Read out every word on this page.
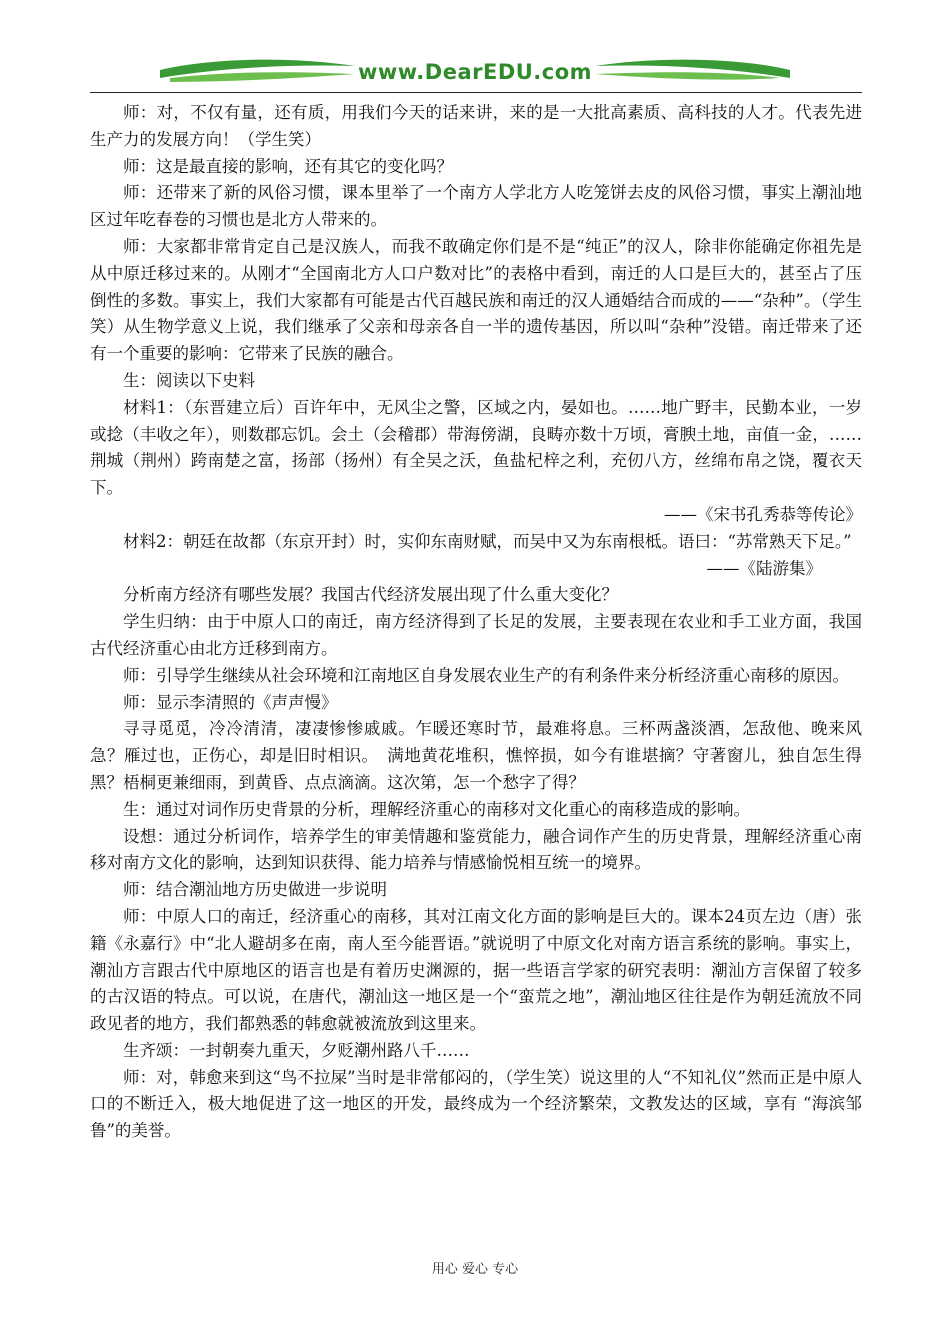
www.DearEDU.com

师：对，不仅有量，还有质，用我们今天的话来讲，来的是一大批高素质、高科技的人才。代表先进生产力的发展方向！（学生笑）

师：这是最直接的影响，还有其它的变化吗？

师：还带来了新的风俗习惯，课本里举了一个南方人学北方人吃笼饼去皮的风俗习惯，事实上潮汕地区过年吃春卷的习惯也是北方人带来的。

师：大家都非常肯定自己是汉族人，而我不敢确定你们是不是“纯正”的汉人，除非你能确定你祖先是从中原迁移过来的。从刚才“全国南北方人口户数对比”的表格中看到，南迁的人口是巨大的，甚至占了压倒性的多数。事实上，我们大家都有可能是古代百越民族和南迁的汉人通婚结合而成的——“杂种”。（学生笑）从生物学意义上说，我们继承了父亲和母亲各自一半的遗传基因，所以叫“杂种”没错。南迁带来了还有一个重要的影响：它带来了民族的融合。

生：阅读以下史料

材料1：（东晋建立后）百许年中，无风尘之警，区域之内，晏如也。……地广野丰，民勤本业，一岁或捻（丰收之年），则数郡忘饥。会土（会稽郡）带海傍湖，良畴亦数十万顷，膏腴土地，亩值一金，……荆城（荆州）跨南楚之富，扬部（扬州）有全吴之沃，鱼盐杞梓之利，充仞八方，丝绵布帛之饶，覆衣天下。

——《宋书孔秀恭等传论》

材料2：朝廷在故都（东京开封）时，实仰东南财赋，而吴中又为东南根柢。语曰：“苏常熟天下足。”

——《陆游集》

分析南方经济有哪些发展？我国古代经济发展出现了什么重大变化？

学生归纳：由于中原人口的南迁，南方经济得到了长足的发展，主要表现在农业和手工业方面，我国古代经济重心由北方迁移到南方。

师：引导学生继续从社会环境和江南地区自身发展农业生产的有利条件来分析经济重心南移的原因。

师：显示李清照的《声声慢》

寻寻觅觅，冷冷清清，凄凄惨惨戚戚。乍暖还寒时节，最难将息。三杯两盏淡酒，怎敌他、晚来风急？雁过也，正伤心，却是旧时相识。　满地黄花堆积，憔悴损，如今有谁堪摘？守著窗儿，独自怎生得黑？梧桐更兼细雨，到黄昏、点点滴滴。这次第，怎一个愁字了得？

生：通过对词作历史背景的分析，理解经济重心的南移对文化重心的南移造成的影响。

设想：通过分析词作，培养学生的审美情趣和鉴赏能力，融合词作产生的历史背景，理解经济重心南移对南方文化的影响，达到知识获得、能力培养与情感愉悦相互统一的境界。

师：结合潮汕地方历史做进一步说明

师：中原人口的南迁，经济重心的南移，其对江南文化方面的影响是巨大的。课本24页左边（唐）张籍《永嘉行》中“北人避胡多在南，南人至今能晋语。”就说明了中原文化对南方语言系统的影响。事实上，潮汕方言跟古代中原地区的语言也是有着历史渊源的，据一些语言学家的研究表明：潮汕方言保留了较多的古汉语的特点。可以说，在唐代，潮汕这一地区是一个“蛮荒之地”，潮汕地区往往是作为朝廷流放不同政见者的地方，我们都熟悉的韩愈就被流放到这里来。

生齐颂：一封朝奏九重天，夕贬潮州路八千……

师：对，韩愈来到这“鸟不拉屎”当时是非常郁闷的，（学生笑）说这里的人“不知礼仪”然而正是中原人口的不断迁入，极大地促进了这一地区的开发，最终成为一个经济繁荣，文教发达的区域，享有 “海滨邹鲁”的美誉。

用心 爱心 专心
